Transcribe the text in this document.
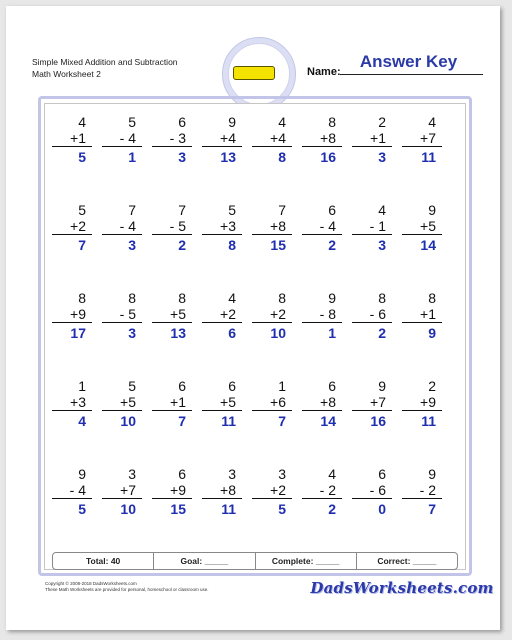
Simple Mixed Addition and Subtraction
Math Worksheet 2	Name:
Answer Key
4
+1
5
5
- 4
1
6
- 3
3
9
+4
13
4
+4
8
8
+8
16
2
+1
3
4
+7
11
5
+2
7
7
- 4
3
7
- 5
2
5
+3
8
7
+8
15
6
- 4
2
4
- 1
3
9
+5
14
8
+9
17
8
- 5
3
8
+5
13
4
+2
6
8
+2
10
9
- 8
1
8
- 6
2
8
+1
9
1
+3
4
5
+5
10
6
+1
7
6
+5
11
1
+6
7
6
+8
14
9
+7
16
2
+9
11
9
- 4
5
3
+7
10
6
+9
15
3
+8
11
3
+2
5
4
- 2
2
6
- 6
0
9
- 2
7
Total: 40	Goal: _____	Complete: _____	Correct: _____
Copyright © 2008-2018 DadsWorksheets.com
These Math Worksheets are provided for personal, homeschool or classroom use.	DadsWorksheets.com
